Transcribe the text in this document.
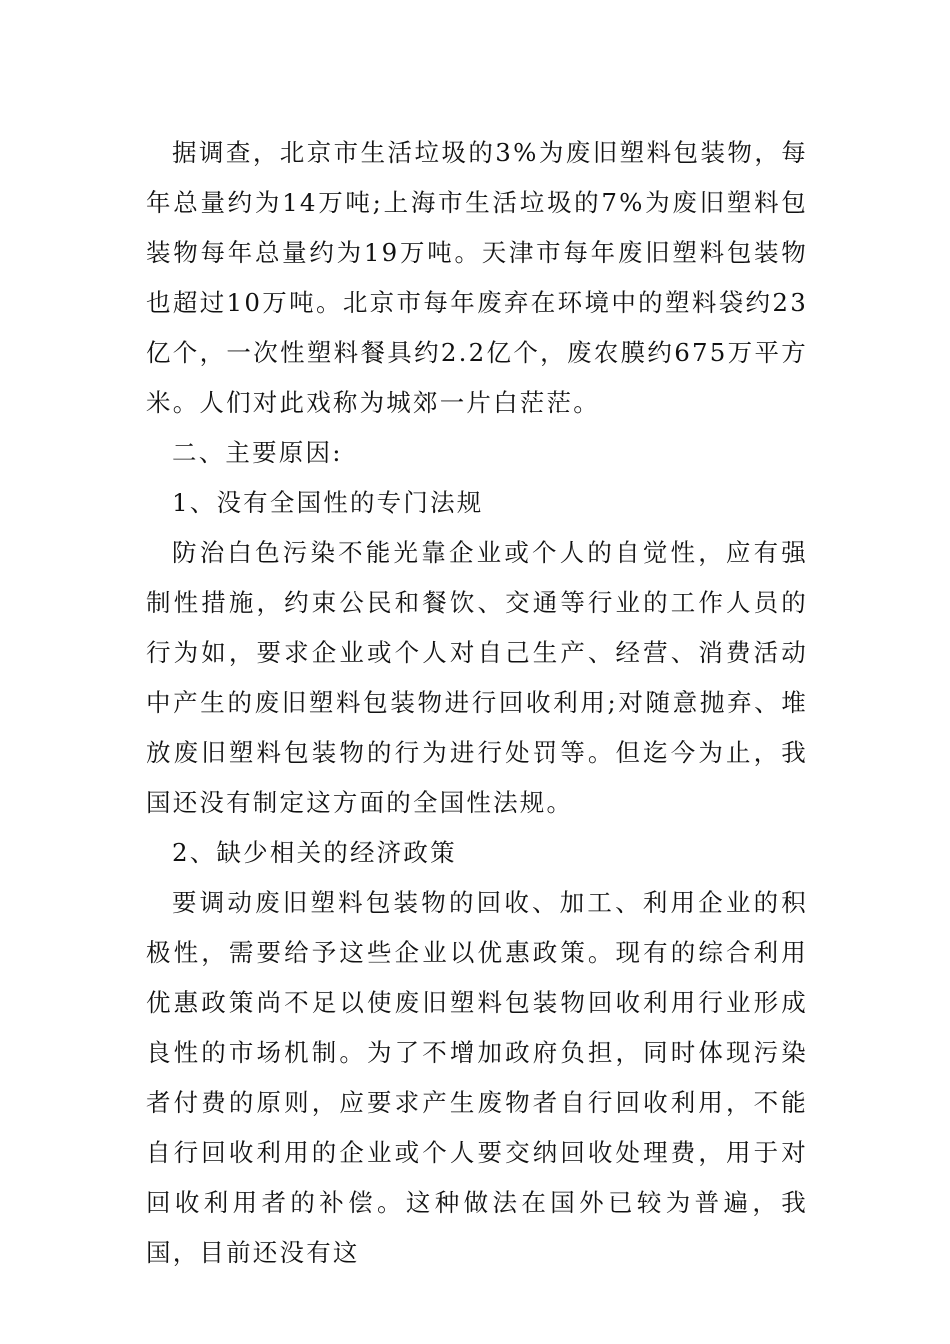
据调查，北京市生活垃圾的3%为废旧塑料包装物，每年总量约为14万吨;上海市生活垃圾的7%为废旧塑料包装物每年总量约为19万吨。天津市每年废旧塑料包装物也超过10万吨。北京市每年废弃在环境中的塑料袋约23亿个，一次性塑料餐具约2.2亿个，废农膜约675万平方米。人们对此戏称为城郊一片白茫茫。

二、主要原因:

1、没有全国性的专门法规

防治白色污染不能光靠企业或个人的自觉性，应有强制性措施，约束公民和餐饮、交通等行业的工作人员的行为如，要求企业或个人对自己生产、经营、消费活动中产生的废旧塑料包装物进行回收利用;对随意抛弃、堆放废旧塑料包装物的行为进行处罚等。但迄今为止，我国还没有制定这方面的全国性法规。

2、缺少相关的经济政策

要调动废旧塑料包装物的回收、加工、利用企业的积极性，需要给予这些企业以优惠政策。现有的综合利用优惠政策尚不足以使废旧塑料包装物回收利用行业形成良性的市场机制。为了不增加政府负担，同时体现污染者付费的原则，应要求产生废物者自行回收利用，不能自行回收利用的企业或个人要交纳回收处理费，用于对回收利用者的补偿。这种做法在国外已较为普遍，我国，目前还没有这
